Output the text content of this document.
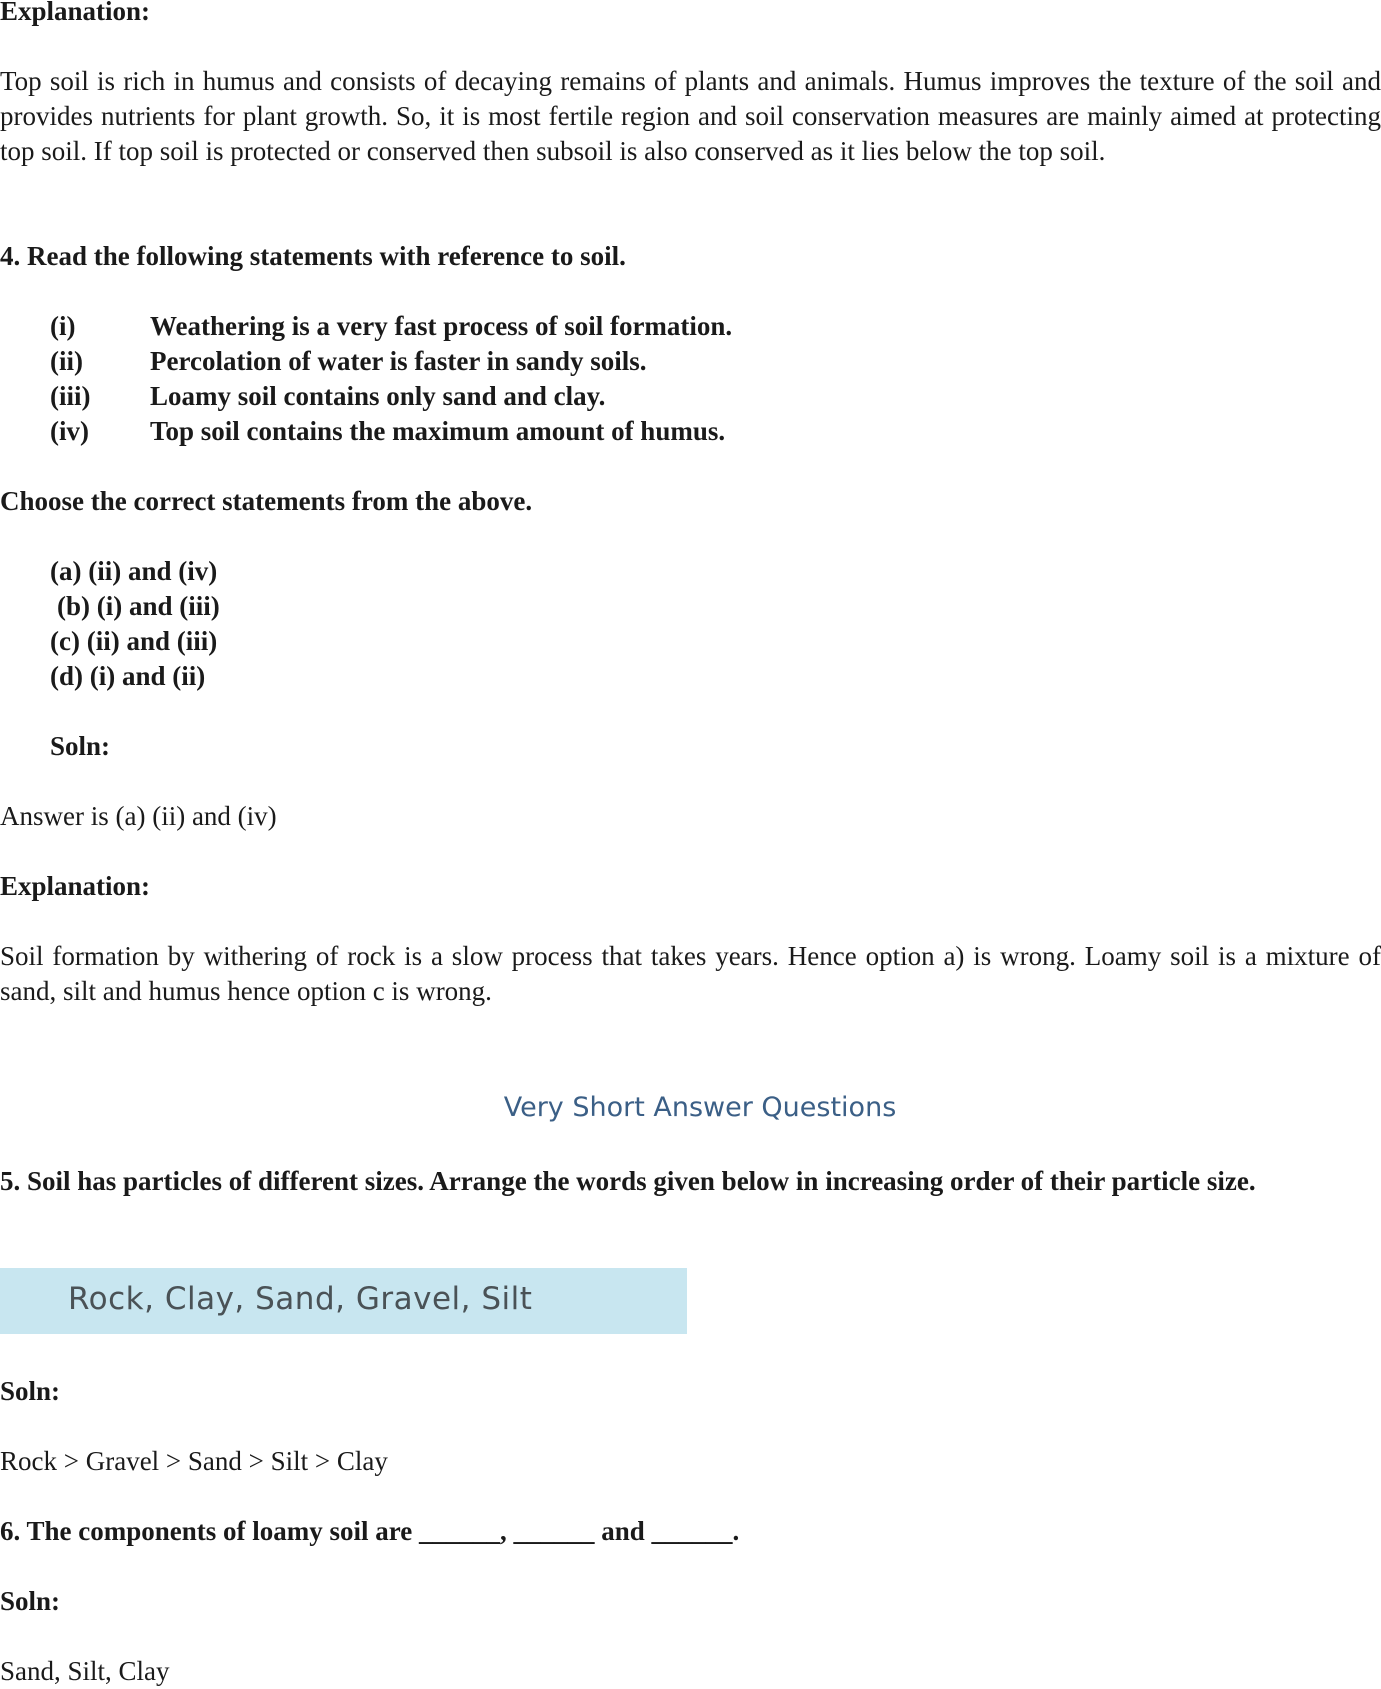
Explanation:
Top soil is rich in humus and consists of decaying remains of plants and animals. Humus improves the texture of the soil and provides nutrients for plant growth. So, it is most fertile region and soil conservation measures are mainly aimed at protecting top soil. If top soil is protected or conserved then subsoil is also conserved as it lies below the top soil.
4. Read the following statements with reference to soil.
(i)	Weathering is a very fast process of soil formation.
(ii) Percolation of water is faster in sandy soils.
(iii) Loamy soil contains only sand and clay.
(iv) Top soil contains the maximum amount of humus.
Choose the correct statements from the above.
(a) (ii) and (iv)
(b) (i) and (iii)
(c) (ii) and (iii)
(d) (i) and (ii)
Soln:
Answer is (a) (ii) and (iv)
Explanation:
Soil formation by withering of rock is a slow process that takes years. Hence option a) is wrong. Loamy soil is a mixture of sand, silt and humus hence option c is wrong.
Very Short Answer Questions
5. Soil has particles of different sizes. Arrange the words given below in increasing order of their particle size.
Rock, Clay, Sand, Gravel, Silt
Soln:
Rock > Gravel > Sand > Silt > Clay
6. The components of loamy soil are ______, ______ and ______.
Soln:
Sand, Silt, Clay
